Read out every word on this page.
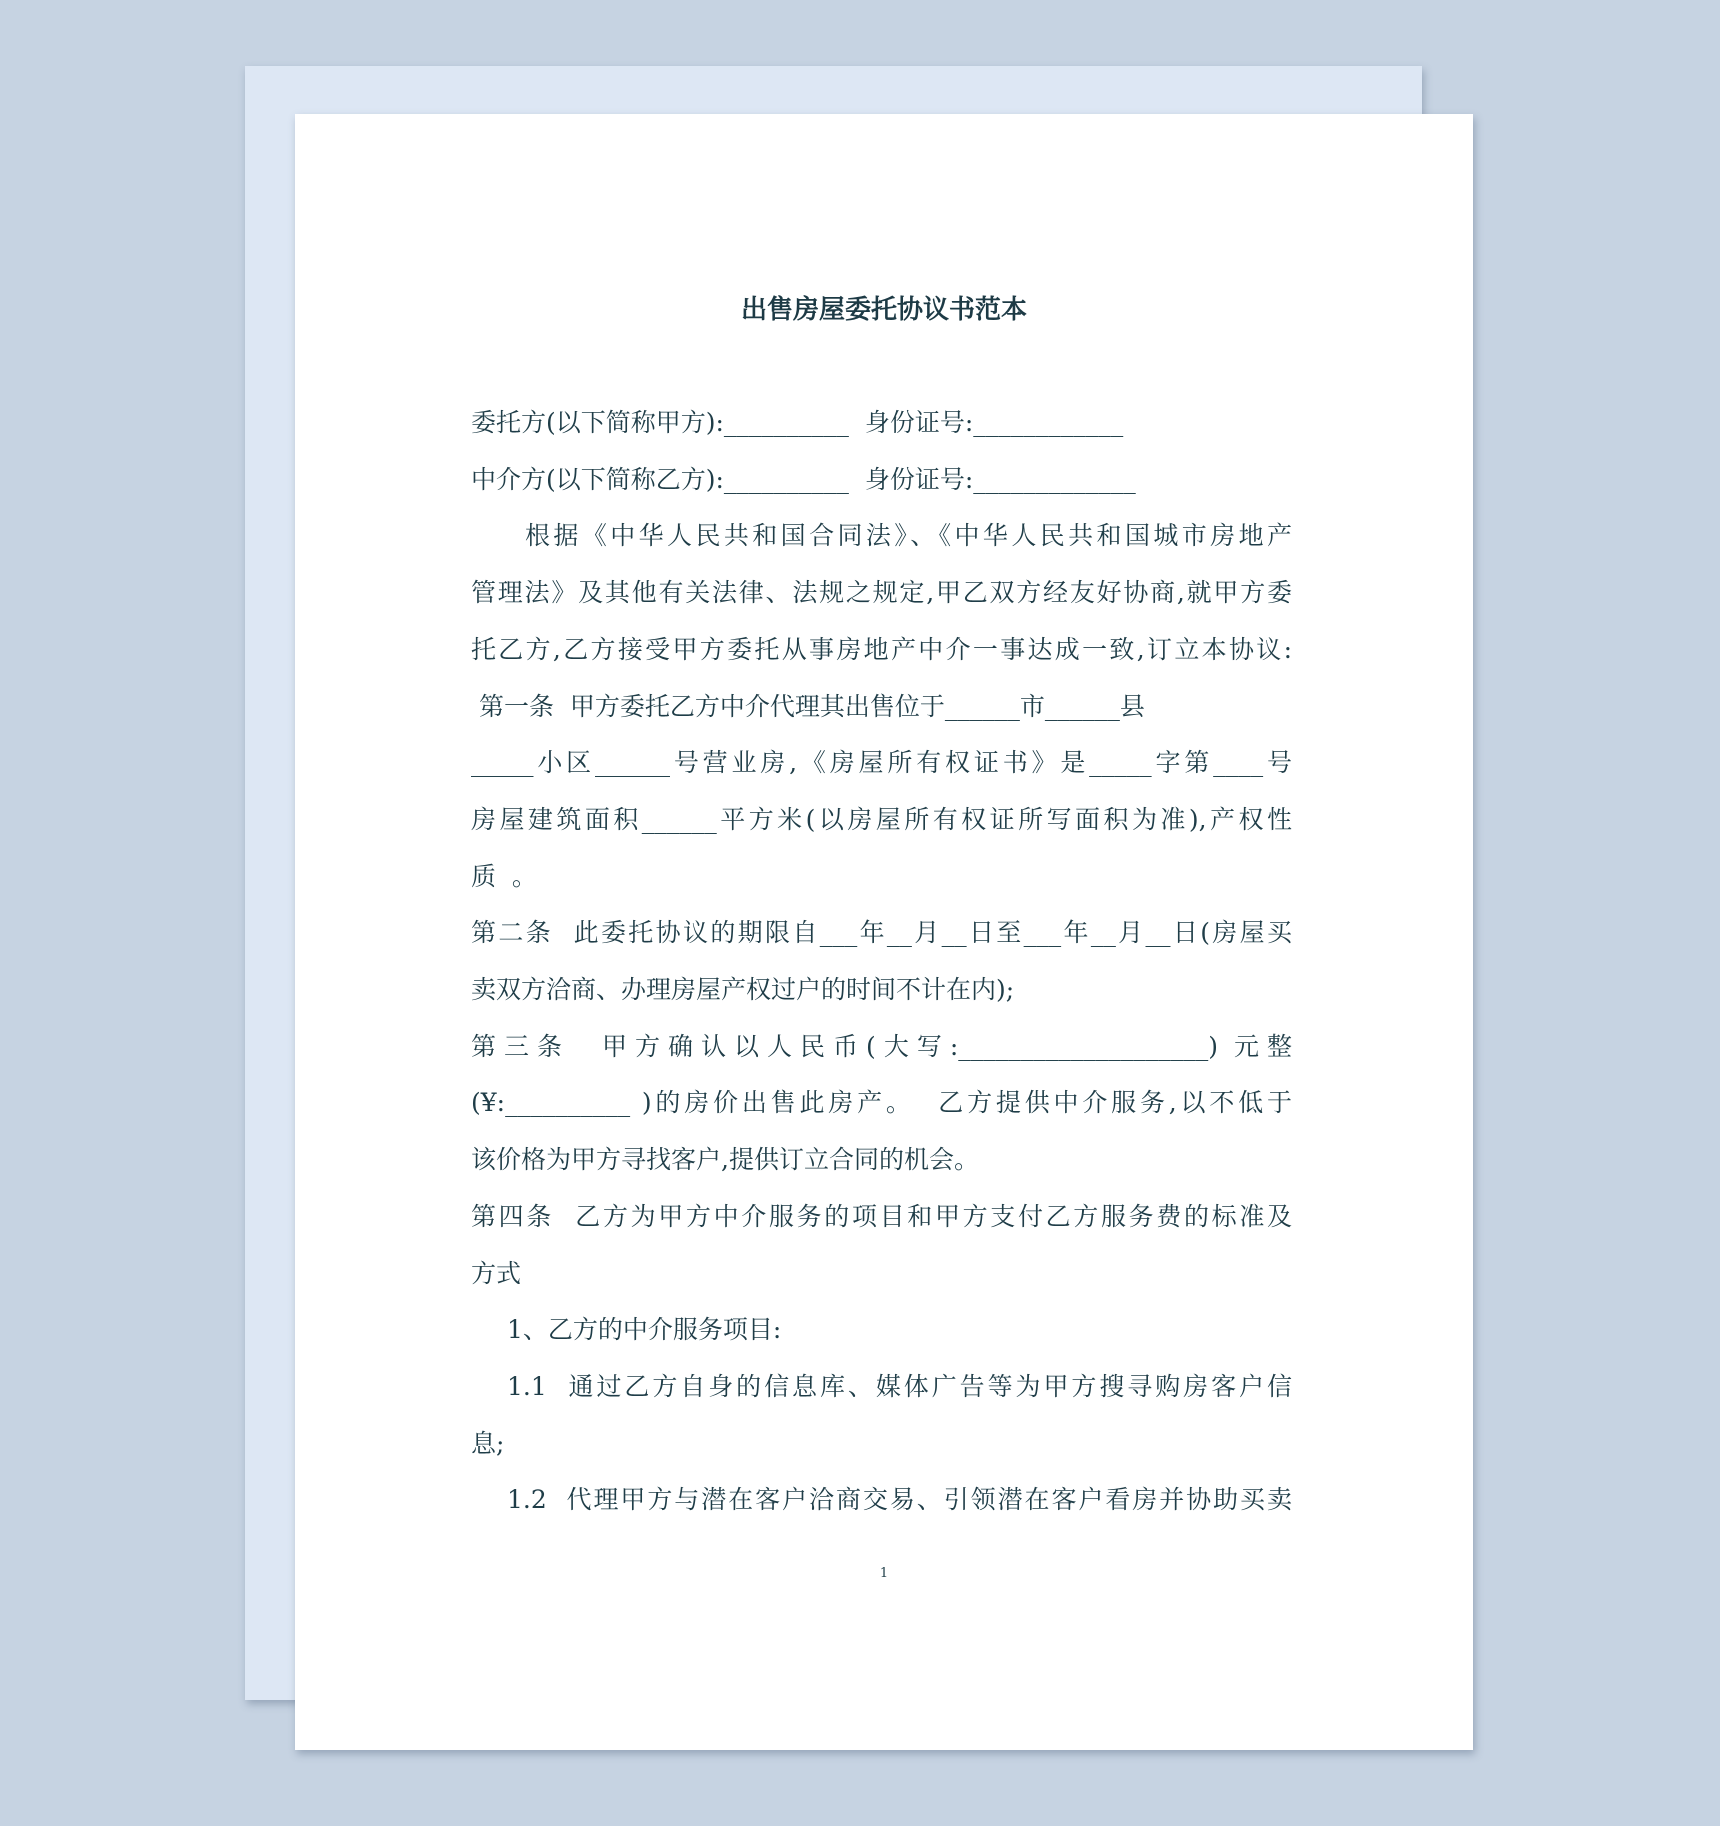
出售房屋委托协议书范本
委托方(以下简称甲方):__________  身份证号:____________
中介方(以下简称乙方):__________  身份证号:_____________
根据《中华人民共和国合同法》、《中华人民共和国城市房地产
管理法》及其他有关法律、法规之规定,甲乙双方经友好协商,就甲方委
托乙方,乙方接受甲方委托从事房地产中介一事达成一致,订立本协议:
第一条  甲方委托乙方中介代理其出售位于______市______县
_____小区______号营业房,《房屋所有权证书》是_____字第____号
房屋建筑面积______平方米(以房屋所有权证所写面积为准),产权性
质  。
第二条  此委托协议的期限自___年__月__日至___年__月__日(房屋买
卖双方洽商、办理房屋产权过户的时间不计在内);
第三条  甲方确认以人民币(大写:____________________) 元整
(¥:__________ )的房价出售此房产。  乙方提供中介服务,以不低于
该价格为甲方寻找客户,提供订立合同的机会。
第四条  乙方为甲方中介服务的项目和甲方支付乙方服务费的标准及
方式
1、乙方的中介服务项目:
1.1  通过乙方自身的信息库、媒体广告等为甲方搜寻购房客户信
息;
1.2  代理甲方与潜在客户洽商交易、引领潜在客户看房并协助买卖
1
